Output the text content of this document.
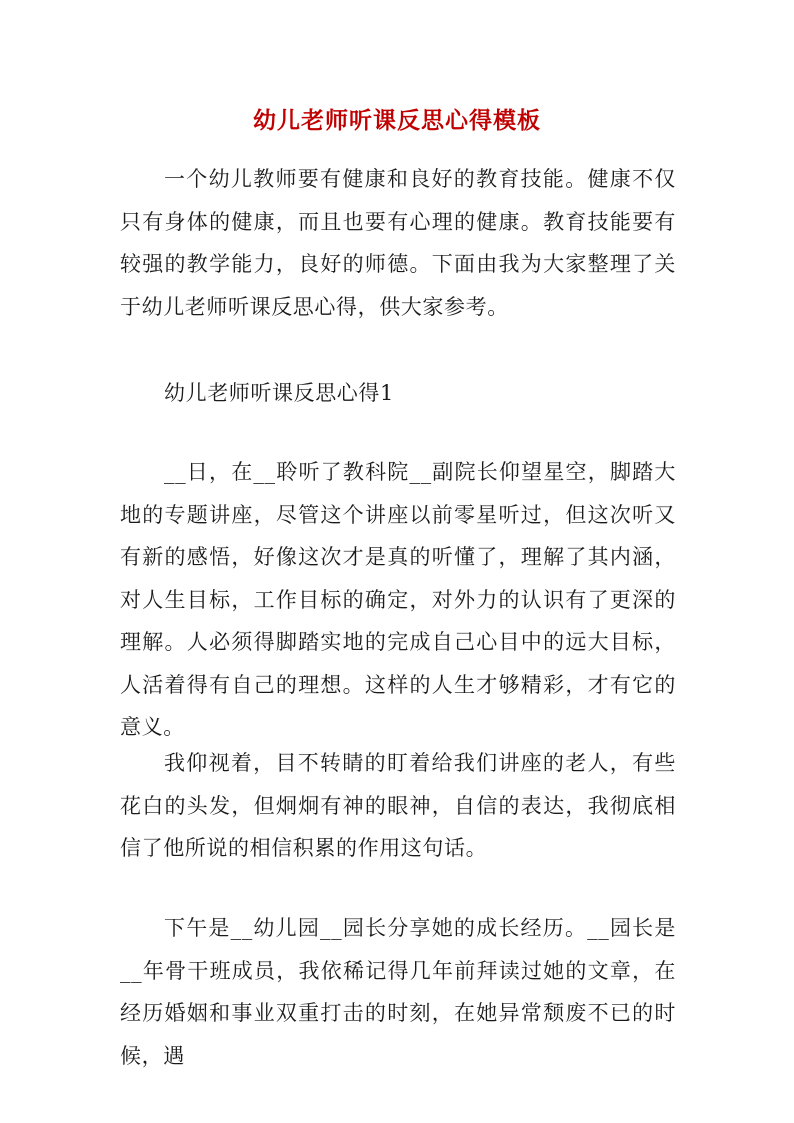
幼儿老师听课反思心得模板
一个幼儿教师要有健康和良好的教育技能。健康不仅只有身体的健康，而且也要有心理的健康。教育技能要有较强的教学能力，良好的师德。下面由我为大家整理了关于幼儿老师听课反思心得，供大家参考。
幼儿老师听课反思心得1
__日，在__聆听了教科院__副院长仰望星空，脚踏大地的专题讲座，尽管这个讲座以前零星听过，但这次听又有新的感悟，好像这次才是真的听懂了，理解了其内涵，对人生目标，工作目标的确定，对外力的认识有了更深的理解。人必须得脚踏实地的完成自己心目中的远大目标，人活着得有自己的理想。这样的人生才够精彩，才有它的意义。
我仰视着，目不转睛的盯着给我们讲座的老人，有些花白的头发，但炯炯有神的眼神，自信的表达，我彻底相信了他所说的相信积累的作用这句话。
下午是__幼儿园__园长分享她的成长经历。__园长是__年骨干班成员，我依稀记得几年前拜读过她的文章，在经历婚姻和事业双重打击的时刻，在她异常颓废不已的时候，遇
